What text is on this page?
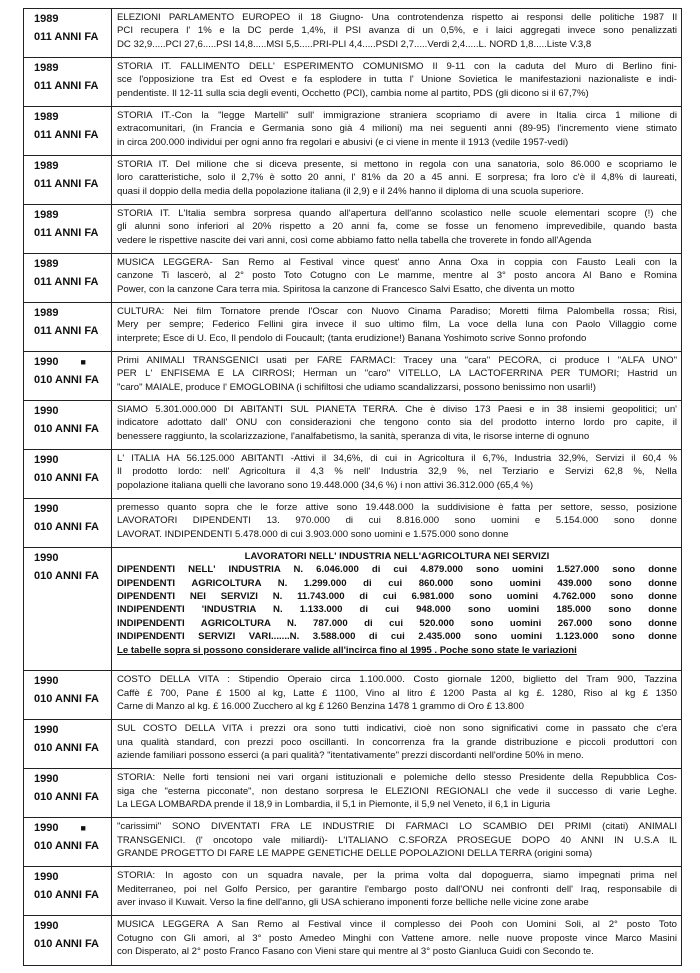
1989
011 ANNI FA
ELEZIONI PARLAMENTO EUROPEO il 18 Giugno- Una controtendenza rispetto ai responsi delle politiche 1987 Il
PCI recupera l' 1% e la DC perde 1,4%, il PSI avanza di un 0,5%, e i laici aggregati invece sono penalizzati
DC 32,9.....PCI 27,6.....PSI 14,8.....MSI 5,5.....PRI-PLI 4,4.....PSDI 2,7.....Verdi 2,4.....L. NORD 1,8.....Liste V.3,8
1989
011 ANNI FA
STORIA IT. FALLIMENTO DELL' ESPERIMENTO COMUNISMO Il 9-11 con la caduta del Muro di Berlino fini-
sce l'opposizione tra Est ed Ovest e fa esplodere in tutta l' Unione Sovietica le manifestazioni nazionaliste e indi-
pendentiste. Il 12-11 sulla scia degli eventi, Occhetto (PCI), cambia nome al partito, PDS (gli dicono si il 67,7%)
1989
011 ANNI FA
STORIA IT.-Con la "legge Martelli" sull' immigrazione straniera scopriamo di avere in Italia circa 1 milione di
extracomunitari, (in Francia e Germania sono già 4 milioni) ma nei seguenti anni (89-95) l'incremento viene stimato
in circa 200.000 individui per ogni anno fra regolari e abusivi (e ci viene in mente il 1913 (vedile 1957-vedi)
1989
011 ANNI FA
STORIA IT. Del milione che si diceva presente, si mettono in regola con una sanatoria, solo 86.000 e scopriamo le
loro caratteristiche, solo il 2,7% è sotto 20 anni, l' 81% da 20 a 45 anni. E sorpresa; fra loro c'è il 4,8% di laureati,
quasi il doppio della media della popolazione italiana (il 2,9) e il 24% hanno il diploma di una scuola superiore.
1989
011 ANNI FA
STORIA IT. L'Italia sembra sorpresa quando all'apertura dell'anno scolastico nelle scuole elementari scopre (!) che
gli alunni sono inferiori al 20% rispetto a 20 anni fa, come se fosse un fenomeno imprevedibile, quando basta
vedere le rispettive nascite dei vari anni, così come abbiamo fatto nella tabella che troverete in fondo all'Agenda
1989
011 ANNI FA
MUSICA LEGGERA- San Remo al Festival vince quest' anno Anna Oxa in coppia con Fausto Leali con la
canzone Ti lascerò, al 2° posto Toto Cotugno con Le mamme, mentre al 3° posto ancora Al Bano e Romina
Power, con la canzone Cara terra mia. Spiritosa la canzone di Francesco Salvi Esatto, che diventa un motto
1989
011 ANNI FA
CULTURA: Nei film Tornatore prende l'Oscar con Nuovo Cinama Paradiso; Moretti filma Palombella rossa; Risi,
Mery per sempre; Federico Fellini gira invece il suo ultimo film, La voce della luna con Paolo Villaggio come
interprete; Esce di U. Eco, Il pendolo di Foucault; (tanta erudizione!) Banana Yoshimoto scrive Sonno profondo
1990 ■
010 ANNI FA
Primi ANIMALI TRANSGENICI usati per FARE FARMACI: Tracey una "cara" PECORA, ci produce l "ALFA UNO"
PER L' ENFISEMA E LA CIRROSI; Herman un "caro" VITELLO, LA LACTOFERRINA PER TUMORI; Hastrid un
"caro" MAIALE, produce l' EMOGLOBINA (i schifiltosi che udiamo scandalizzarsi, possono benissimo non usarli!)
1990
010 ANNI FA
SIAMO 5.301.000.000 DI ABITANTI SUL PIANETA TERRA. Che è diviso 173 Paesi e in 38 insiemi geopolitici; un'
indicatore adottato dall' ONU con considerazioni che tengono conto sia del prodotto interno lordo pro capite, il
benessere raggiunto, la scolarizzazione, l'analfabetismo, la sanità, speranza di vita, le risorse interne di ognuno
1990
010 ANNI FA
L' ITALIA HA 56.125.000 ABITANTI -Attivi il 34,6%, di cui in Agricoltura il 6,7%, Industria 32,9%, Servizi il 60,4 %
Il prodotto lordo: nell' Agricoltura il 4,3 % nell' Industria 32,9 %, nel Terziario e Servizi 62,8 %, Nella
popolazione italiana quelli che lavorano sono 19.448.000 (34,6 %) i non attivi 36.312.000 (65,4 %)
1990
010 ANNI FA
premesso quanto sopra che le forze attive sono 19.448.000 la suddivisione è fatta per settore, sesso, posizione
LAVORATORI DIPENDENTI 13. 970.000 di cui 8.816.000 sono uomini e 5.154.000 sono donne
LAVORAT. INDIPENDENTI 5.478.000 di cui 3.903.000 sono uomini e 1.575.000 sono donne
1990
010 ANNI FA
LAVORATORI NELL' INDUSTRIA NELL'AGRICOLTURA NEI SERVIZI
DIPENDENTI NELL' INDUSTRIA N. 6.046.000 di cui 4.879.000 sono uomini 1.527.000 sono donne
DIPENDENTI AGRICOLTURA N. 1.299.000 di cui 860.000 sono uomini 439.000 sono donne
DIPENDENTI NEI SERVIZI N. 11.743.000 di cui 6.981.000 sono uomini 4.762.000 sono donne
INDIPENDENTI 'INDUSTRIA N. 1.133.000 di cui 948.000 sono uomini 185.000 sono donne
INDIPENDENTI AGRICOLTURA N. 787.000 di cui 520.000 sono uomini 267.000 sono donne
INDIPENDENTI SERVIZI VARI.......N. 3.588.000 di cui 2.435.000 sono uomini 1.123.000 sono donne
Le tabelle sopra si possono considerare valide all'incirca fino al 1995 . Poche sono state le variazioni
1990
010 ANNI FA
COSTO DELLA VITA : Stipendio Operaio circa 1.100.000. Costo giornale 1200, biglietto del Tram 900, Tazzina
Caffè £ 700, Pane £ 1500 al kg, Latte £ 1100, Vino al litro £ 1200 Pasta al kg £. 1280, Riso al kg £ 1350
Carne di Manzo al kg. £ 16.000 Zucchero al kg £ 1260 Benzina 1478 1 grammo di Oro £ 13.800
1990
010 ANNI FA
SUL COSTO DELLA VITA i prezzi ora sono tutti indicativi, cioè non sono significativi come in passato che c'era
una qualità standard, con prezzi poco oscillanti. In concorrenza fra la grande distribuzione e piccoli produttori con
aziende familiari possono esserci (a pari qualità? "itentativamente" prezzi discordanti nell'ordine 50% in meno.
1990
010 ANNI FA
STORIA: Nelle forti tensioni nei vari organi istituzionali e polemiche dello stesso Presidente della Repubblica Cos-
siga che "esterna picconate", non destano sorpresa le ELEZIONI REGIONALI che vede il successo di varie Leghe.
La LEGA LOMBARDA prende il 18,9 in Lombardia, il 5,1 in Piemonte, il 5,9 nel Veneto, il 6,1 in Liguria
1990 ■
010 ANNI FA
"carissimi" SONO DIVENTATI FRA LE INDUSTRIE DI FARMACI LO SCAMBIO DEI PRIMI (citati) ANIMALI
TRANSGENICI. (l' oncotopo vale miliardi)- L'ITALIANO C.SFORZA PROSEGUE DOPO 40 ANNI IN U.S.A IL
GRANDE PROGETTO DI FARE LE MAPPE GENETICHE DELLE POPOLAZIONI DELLA TERRA (origini soma)
1990
010 ANNI FA
STORIA: In agosto con un squadra navale, per la prima volta dal dopoguerra, siamo impegnati prima nel
Mediterraneo, poi nel Golfo Persico, per garantire l'embargo posto dall'ONU nei confronti dell' Iraq, responsabile di
aver invaso il Kuwait. Verso la fine dell'anno, gli USA schierano imponenti forze belliche nelle vicine zone arabe
1990
010 ANNI FA
MUSICA LEGGERA A San Remo al Festival vince il complesso dei Pooh con Uomini Soli, al 2° posto Toto
Cotugno con Gli amori, al 3° posto Amedeo Minghi con Vattene amore. nelle nuove proposte vince Marco Masini
con Disperato, al 2° posto Franco Fasano con Vieni stare qui mentre al 3° posto Gianluca Guidi con Secondo te.
